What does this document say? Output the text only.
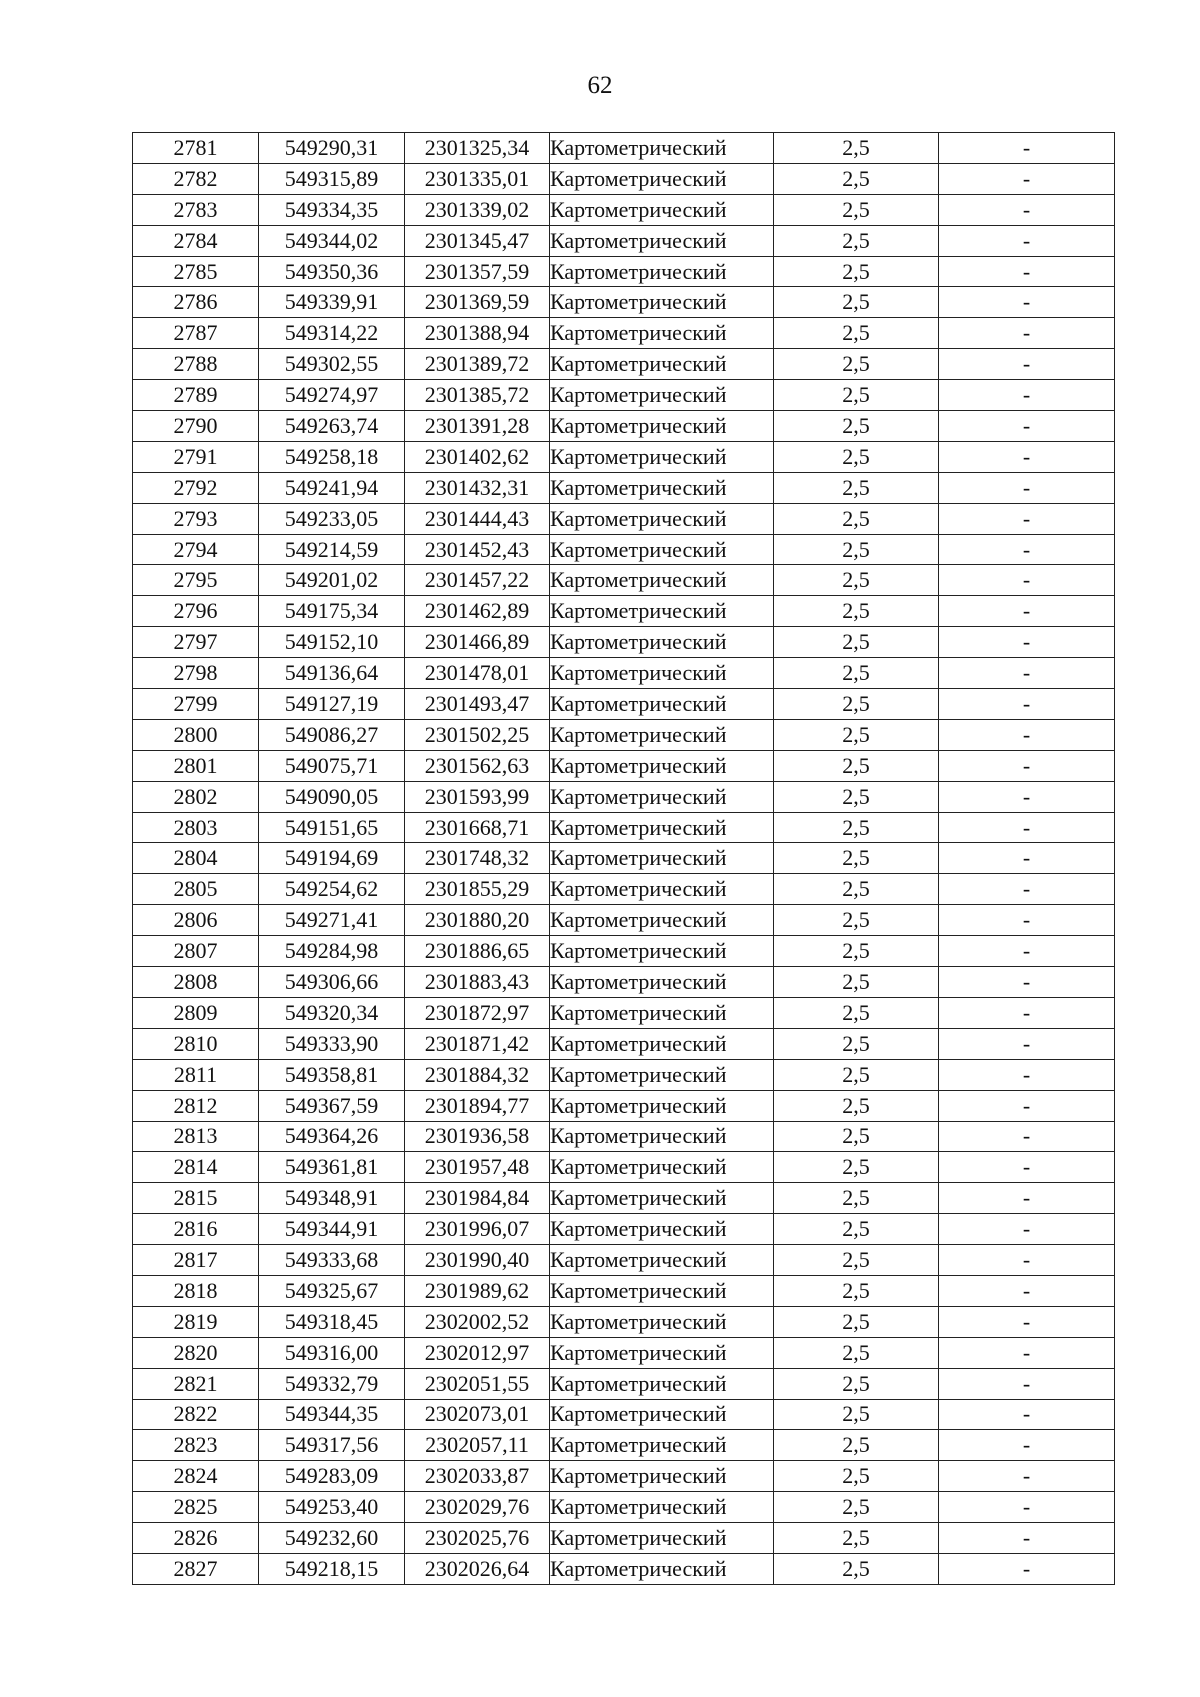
62
2781	549290,31	2301325,34	Картометрический	2,5	-
2782	549315,89	2301335,01	Картометрический	2,5	-
2783	549334,35	2301339,02	Картометрический	2,5	-
2784	549344,02	2301345,47	Картометрический	2,5	-
2785	549350,36	2301357,59	Картометрический	2,5	-
2786	549339,91	2301369,59	Картометрический	2,5	-
2787	549314,22	2301388,94	Картометрический	2,5	-
2788	549302,55	2301389,72	Картометрический	2,5	-
2789	549274,97	2301385,72	Картометрический	2,5	-
2790	549263,74	2301391,28	Картометрический	2,5	-
2791	549258,18	2301402,62	Картометрический	2,5	-
2792	549241,94	2301432,31	Картометрический	2,5	-
2793	549233,05	2301444,43	Картометрический	2,5	-
2794	549214,59	2301452,43	Картометрический	2,5	-
2795	549201,02	2301457,22	Картометрический	2,5	-
2796	549175,34	2301462,89	Картометрический	2,5	-
2797	549152,10	2301466,89	Картометрический	2,5	-
2798	549136,64	2301478,01	Картометрический	2,5	-
2799	549127,19	2301493,47	Картометрический	2,5	-
2800	549086,27	2301502,25	Картометрический	2,5	-
2801	549075,71	2301562,63	Картометрический	2,5	-
2802	549090,05	2301593,99	Картометрический	2,5	-
2803	549151,65	2301668,71	Картометрический	2,5	-
2804	549194,69	2301748,32	Картометрический	2,5	-
2805	549254,62	2301855,29	Картометрический	2,5	-
2806	549271,41	2301880,20	Картометрический	2,5	-
2807	549284,98	2301886,65	Картометрический	2,5	-
2808	549306,66	2301883,43	Картометрический	2,5	-
2809	549320,34	2301872,97	Картометрический	2,5	-
2810	549333,90	2301871,42	Картометрический	2,5	-
2811	549358,81	2301884,32	Картометрический	2,5	-
2812	549367,59	2301894,77	Картометрический	2,5	-
2813	549364,26	2301936,58	Картометрический	2,5	-
2814	549361,81	2301957,48	Картометрический	2,5	-
2815	549348,91	2301984,84	Картометрический	2,5	-
2816	549344,91	2301996,07	Картометрический	2,5	-
2817	549333,68	2301990,40	Картометрический	2,5	-
2818	549325,67	2301989,62	Картометрический	2,5	-
2819	549318,45	2302002,52	Картометрический	2,5	-
2820	549316,00	2302012,97	Картометрический	2,5	-
2821	549332,79	2302051,55	Картометрический	2,5	-
2822	549344,35	2302073,01	Картометрический	2,5	-
2823	549317,56	2302057,11	Картометрический	2,5	-
2824	549283,09	2302033,87	Картометрический	2,5	-
2825	549253,40	2302029,76	Картометрический	2,5	-
2826	549232,60	2302025,76	Картометрический	2,5	-
2827	549218,15	2302026,64	Картометрический	2,5	-
